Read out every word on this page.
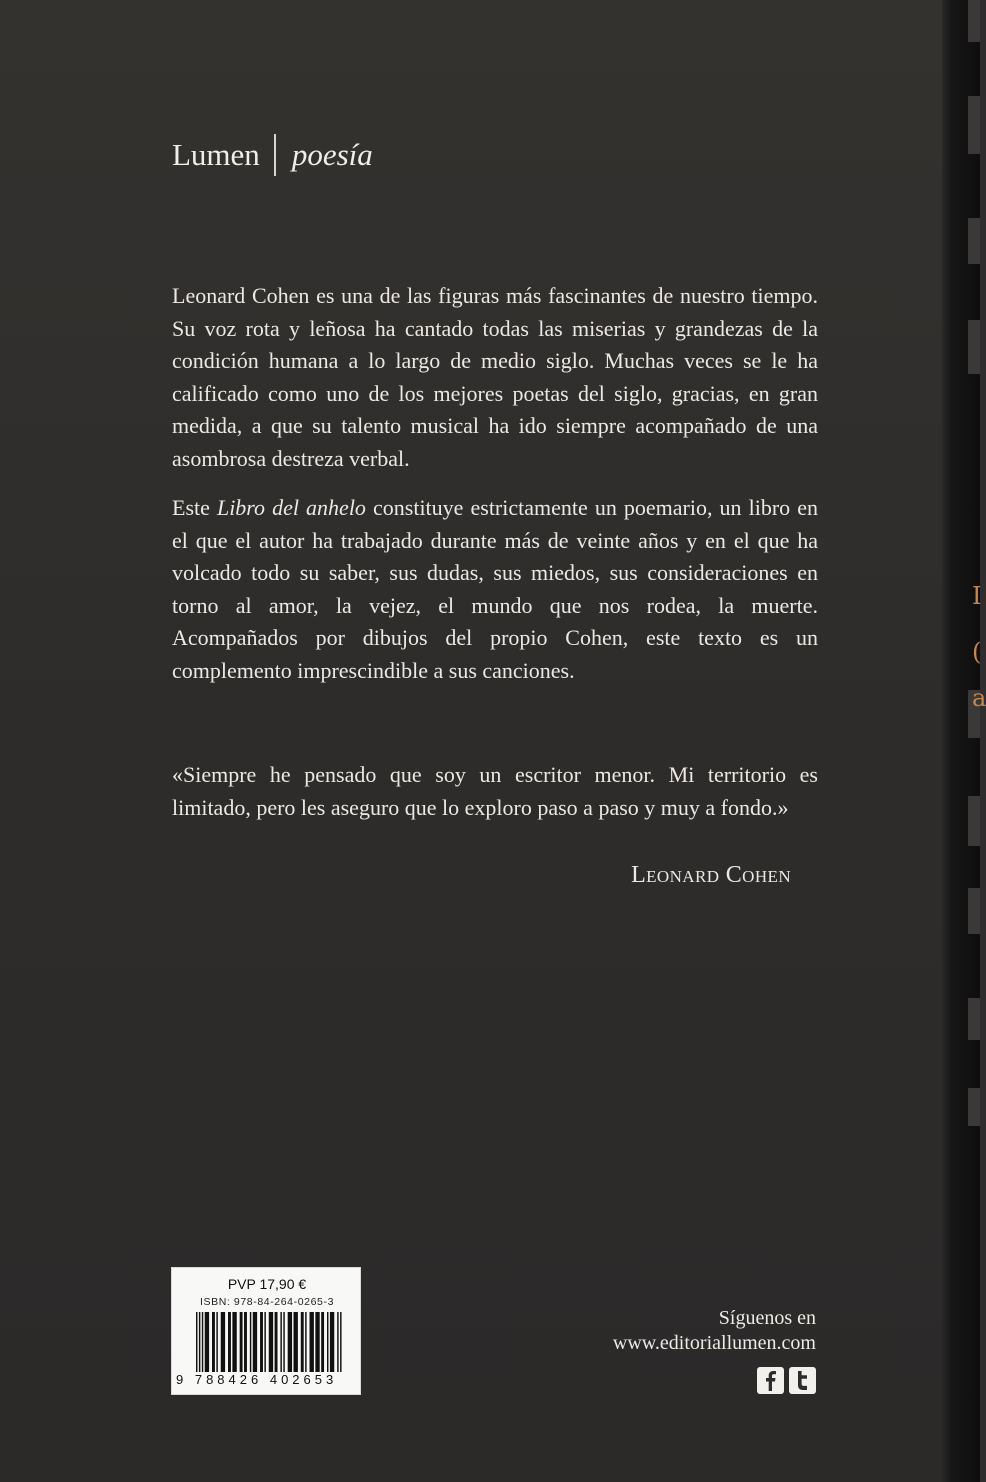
Lumen poesía

Leonard Cohen es una de las figuras más fascinantes de nuestro tiempo. Su voz rota y leñosa ha cantado todas las miserias y grandezas de la condición humana a lo largo de medio siglo. Muchas veces se le ha calificado como uno de los mejores poetas del siglo, gracias, en gran medida, a que su talento musical ha ido siempre acompañado de una asombrosa destreza verbal.

Este Libro del anhelo constituye estrictamente un poemario, un libro en el que el autor ha trabajado durante más de veinte años y en el que ha volcado todo su saber, sus dudas, sus miedos, sus consideraciones en torno al amor, la vejez, el mundo que nos rodea, la muerte. Acompañados por dibujos del propio Cohen, este texto es un complemento imprescindible a sus canciones.

«Siempre he pensado que soy un escritor menor. Mi territorio es limitado, pero les aseguro que lo exploro paso a paso y muy a fondo.»

Leonard Cohen
PVP 17,90 €
ISBN: 978-84-264-0265-3
9 788426 402653
Síguenos en
www.editoriallumen.com
I
(
a
